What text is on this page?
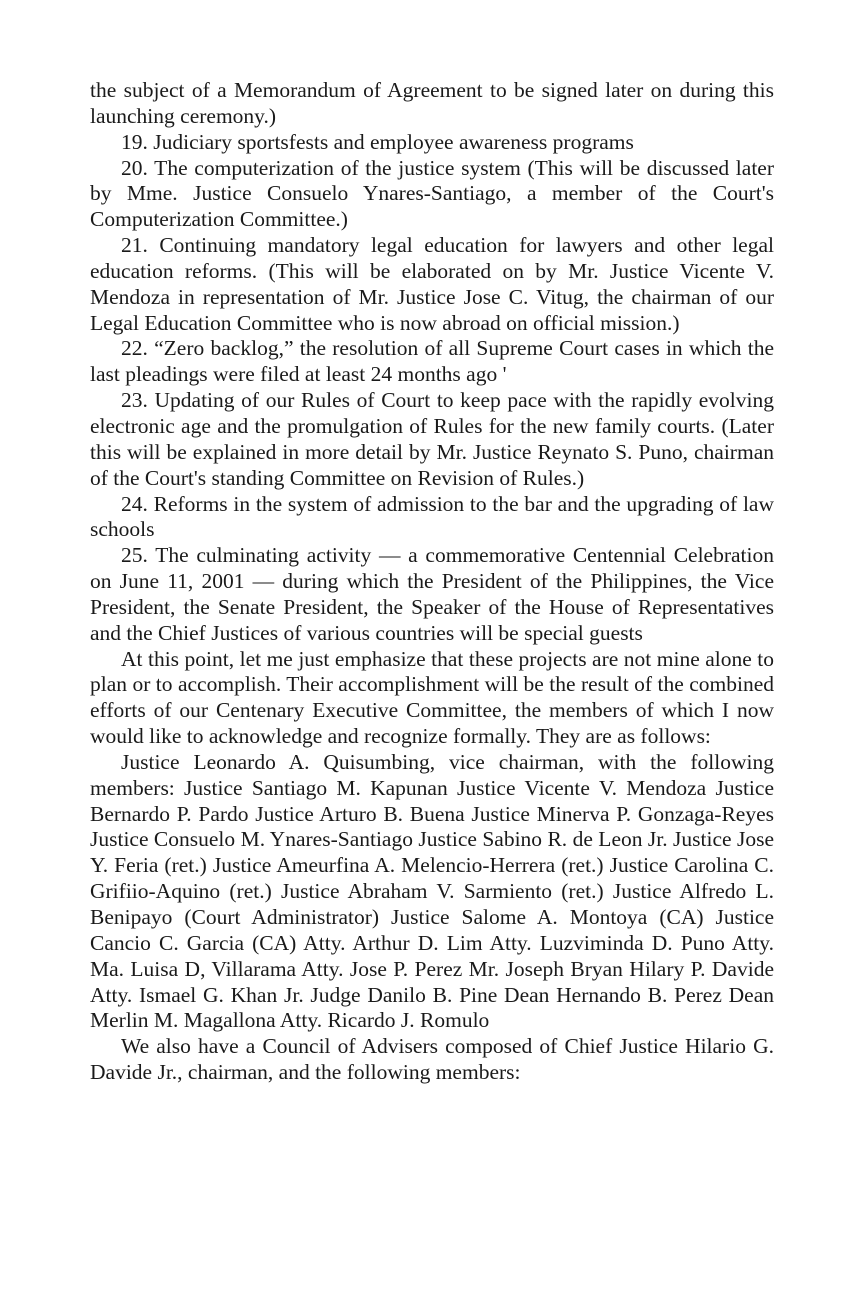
the subject of a Memorandum of Agreement to be signed later on during this launching ceremony.)

19. Judiciary sportsfests and employee awareness programs

20. The computerization of the justice system (This will be discussed later by Mme. Justice Consuelo Ynares-Santiago, a member of the Court's Computerization Committee.)

21. Continuing mandatory legal education for lawyers and other legal education reforms. (This will be elaborated on by Mr. Justice Vicente V. Mendoza in representation of Mr. Justice Jose C. Vitug, the chairman of our Legal Education Committee who is now abroad on official mission.)

22. “Zero backlog,” the resolution of all Supreme Court cases in which the last pleadings were filed at least 24 months ago '

23. Updating of our Rules of Court to keep pace with the rapidly evolving electronic age and the promulgation of Rules for the new family courts. (Later this will be explained in more detail by Mr. Justice Reynato S. Puno, chairman of the Court's standing Committee on Revision of Rules.)

24. Reforms in the system of admission to the bar and the upgrading of law schools

25. The culminating activity — a commemorative Centennial Celebration on June 11, 2001 — during which the President of the Philippines, the Vice President, the Senate President, the Speaker of the House of Representatives and the Chief Justices of various countries will be special guests

At this point, let me just emphasize that these projects are not mine alone to plan or to accomplish. Their accomplishment will be the result of the combined efforts of our Centenary Executive Committee, the members of which I now would like to acknowledge and recognize formally. They are as follows:

Justice Leonardo A. Quisumbing, vice chairman, with the following members: Justice Santiago M. Kapunan Justice Vicente V. Mendoza Justice Bernardo P. Pardo Justice Arturo B. Buena Justice Minerva P. Gonzaga-Reyes Justice Consuelo M. Ynares-Santiago Justice Sabino R. de Leon Jr. Justice Jose Y. Feria (ret.) Justice Ameurfina A. Melencio-Herrera (ret.) Justice Carolina C. Grifiio-Aquino (ret.) Justice Abraham V. Sarmiento (ret.) Justice Alfredo L. Benipayo (Court Administrator) Justice Salome A. Montoya (CA) Justice Cancio C. Garcia (CA) Atty. Arthur D. Lim Atty. Luzviminda D. Puno Atty. Ma. Luisa D, Villarama Atty. Jose P. Perez Mr. Joseph Bryan Hilary P. Davide Atty. Ismael G. Khan Jr. Judge Danilo B. Pine Dean Hernando B. Perez Dean Merlin M. Magallona Atty. Ricardo J. Romulo

We also have a Council of Advisers composed of Chief Justice Hilario G. Davide Jr., chairman, and the following members:
